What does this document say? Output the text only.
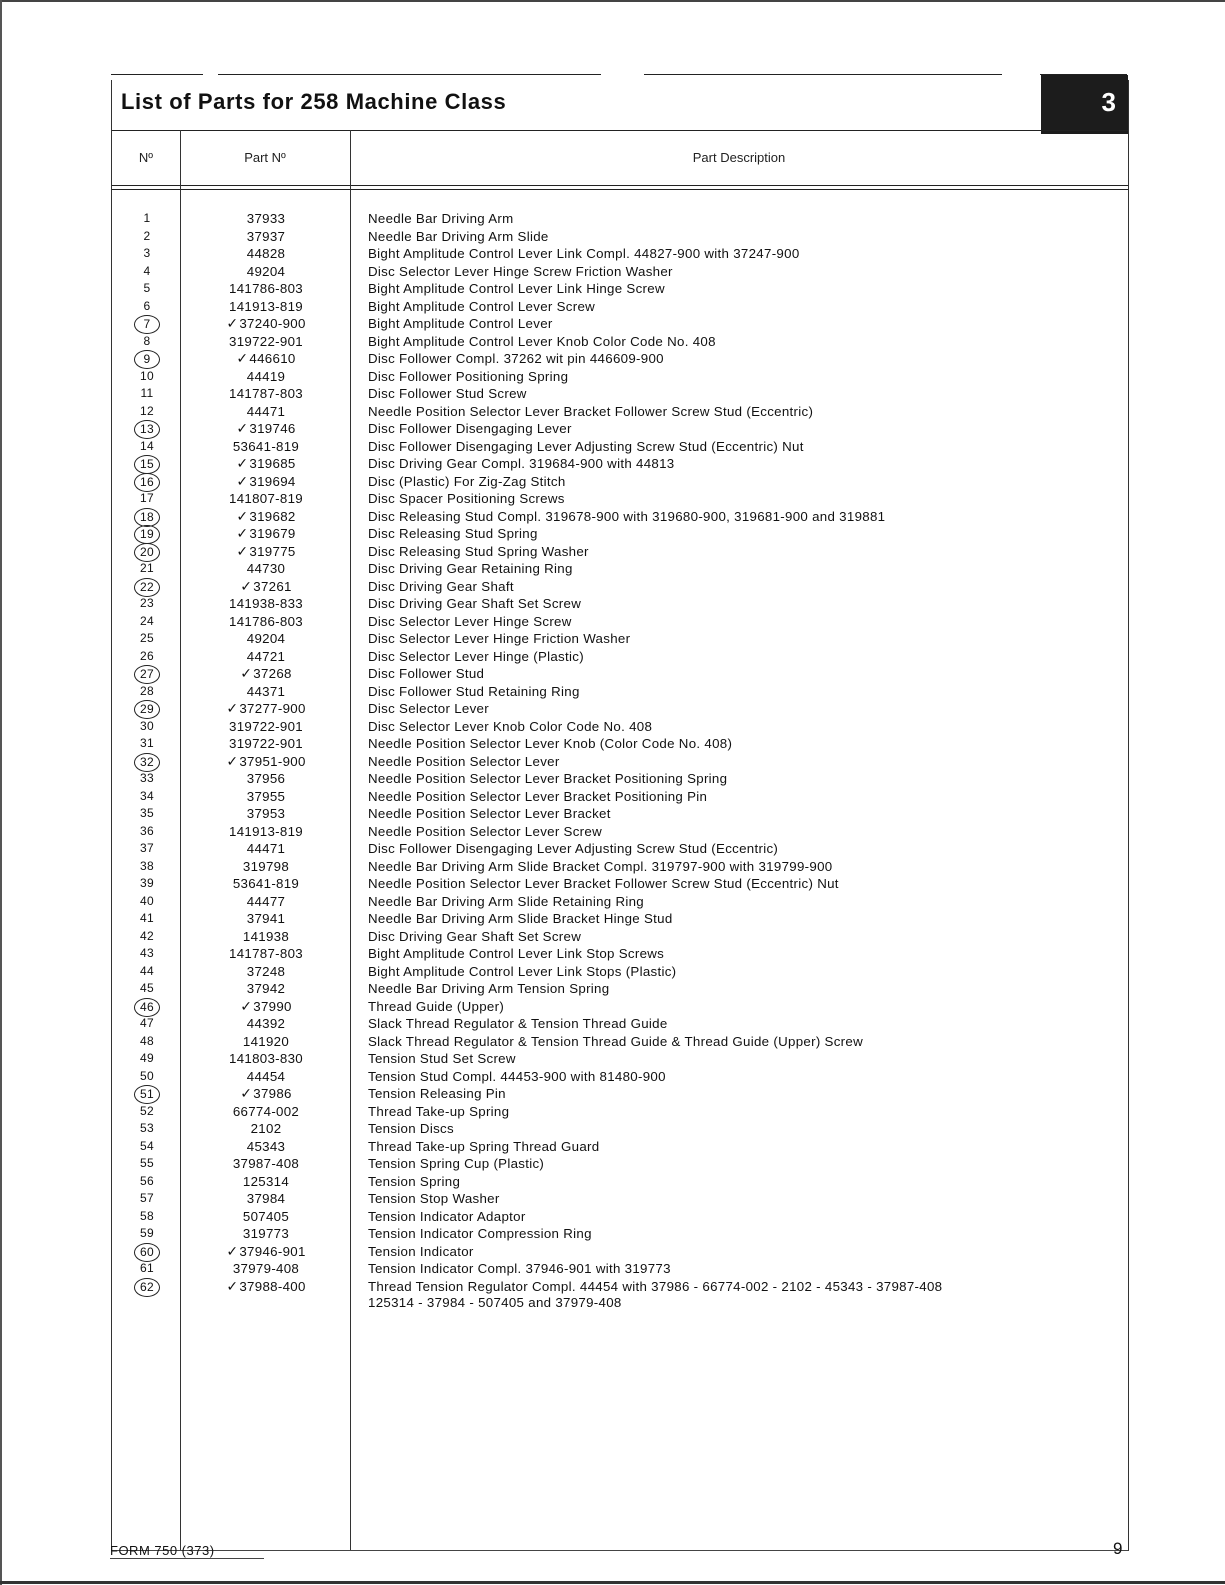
List of Parts for 258 Machine Class	3
Nº	Part Nº	Part Description
1	37933	Needle Bar Driving Arm
2	37937	Needle Bar Driving Arm Slide
3	44828	Bight Amplitude Control Lever Link Compl. 44827-900 with 37247-900
4	49204	Disc Selector Lever Hinge Screw Friction Washer
5	141786-803	Bight Amplitude Control Lever Link Hinge Screw
6	141913-819	Bight Amplitude Control Lever Screw
7	✓ 37240-900	Bight Amplitude Control Lever
8	319722-901	Bight Amplitude Control Lever Knob Color Code No. 408
9	✓ 446610	Disc Follower Compl. 37262 wit pin 446609-900
10	44419	Disc Follower Positioning Spring
11	141787-803	Disc Follower Stud Screw
12	44471	Needle Position Selector Lever Bracket Follower Screw Stud (Eccentric)
13	✓ 319746	Disc Follower Disengaging Lever
14	53641-819	Disc Follower Disengaging Lever Adjusting Screw Stud (Eccentric) Nut
15	✓ 319685	Disc Driving Gear Compl. 319684-900 with 44813
16	✓ 319694	Disc (Plastic) For Zig-Zag Stitch
17	141807-819	Disc Spacer Positioning Screws
18	✓ 319682	Disc Releasing Stud Compl. 319678-900 with 319680-900, 319681-900 and 319881
19	✓ 319679	Disc Releasing Stud Spring
20	✓ 319775	Disc Releasing Stud Spring Washer
21	44730	Disc Driving Gear Retaining Ring
22	✓ 37261	Disc Driving Gear Shaft
23	141938-833	Disc Driving Gear Shaft Set Screw
24	141786-803	Disc Selector Lever Hinge Screw
25	49204	Disc Selector Lever Hinge Friction Washer
26	44721	Disc Selector Lever Hinge (Plastic)
27	✓ 37268	Disc Follower Stud
28	44371	Disc Follower Stud Retaining Ring
29	✓ 37277-900	Disc Selector Lever
30	319722-901	Disc Selector Lever Knob Color Code No. 408
31	319722-901	Needle Position Selector Lever Knob (Color Code No. 408)
32	✓ 37951-900	Needle Position Selector Lever
33	37956	Needle Position Selector Lever Bracket Positioning Spring
34	37955	Needle Position Selector Lever Bracket Positioning Pin
35	37953	Needle Position Selector Lever Bracket
36	141913-819	Needle Position Selector Lever Screw
37	44471	Disc Follower Disengaging Lever Adjusting Screw Stud (Eccentric)
38	319798	Needle Bar Driving Arm Slide Bracket Compl. 319797-900 with 319799-900
39	53641-819	Needle Position Selector Lever Bracket Follower Screw Stud (Eccentric) Nut
40	44477	Needle Bar Driving Arm Slide Retaining Ring
41	37941	Needle Bar Driving Arm Slide Bracket Hinge Stud
42	141938	Disc Driving Gear Shaft Set Screw
43	141787-803	Bight Amplitude Control Lever Link Stop Screws
44	37248	Bight Amplitude Control Lever Link Stops (Plastic)
45	37942	Needle Bar Driving Arm Tension Spring
46	✓ 37990	Thread Guide (Upper)
47	44392	Slack Thread Regulator & Tension Thread Guide
48	141920	Slack Thread Regulator & Tension Thread Guide & Thread Guide (Upper) Screw
49	141803-830	Tension Stud Set Screw
50	44454	Tension Stud Compl. 44453-900 with 81480-900
51	✓ 37986	Tension Releasing Pin
52	66774-002	Thread Take-up Spring
53	2102	Tension Discs
54	45343	Thread Take-up Spring Thread Guard
55	37987-408	Tension Spring Cup (Plastic)
56	125314	Tension Spring
57	37984	Tension Stop Washer
58	507405	Tension Indicator Adaptor
59	319773	Tension Indicator Compression Ring
60	✓ 37946-901	Tension Indicator
61	37979-408	Tension Indicator Compl. 37946-901 with 319773
62	✓ 37988-400	Thread Tension Regulator Compl. 44454 with 37986 - 66774-002 - 2102 - 45343 - 37987-408
125314 - 37984 - 507405 and 37979-408
FORM 750 (373)	9
